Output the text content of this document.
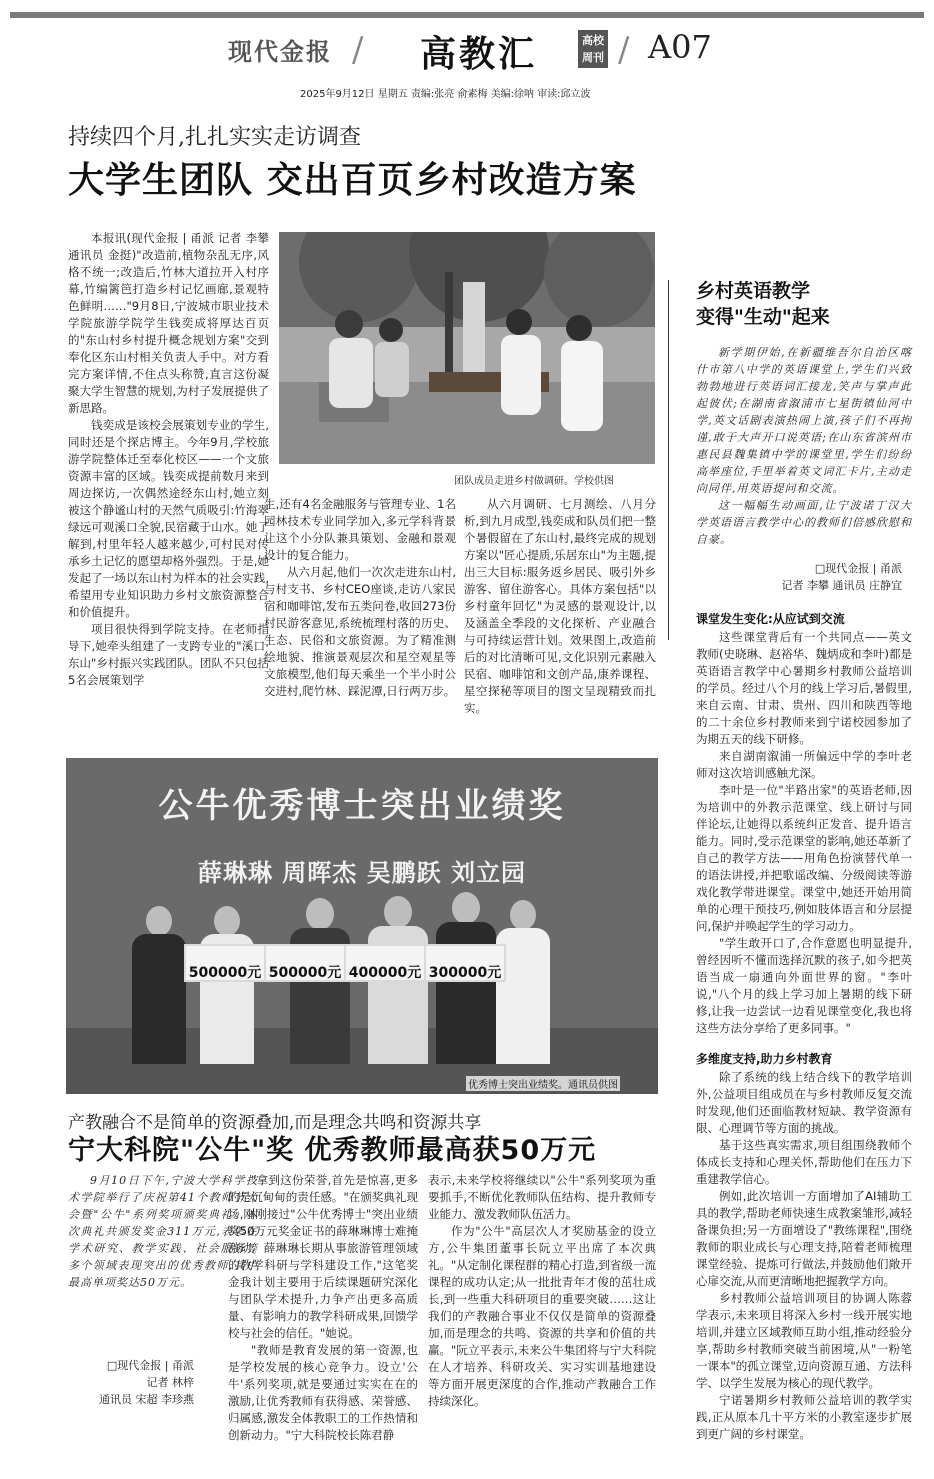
现代金报 / 高教汇	高校
周刊 / A07
2025年9月12日 星期五 责编:张亮 俞素梅 美编:徐呐 审读:邱立波
持续四个月,扎扎实实走访调查
大学生团队 交出百页乡村改造方案
团队成员走进乡村做调研。学校供图

本报讯(现代金报 | 甬派 记者 李攀 通讯员 金挺)"改造前,植物杂乱无序,风格不统一;改造后,竹林大道拉开入村序幕,竹编篱笆打造乡村记忆画廊,景观特色鲜明……"9月8日,宁波城市职业技术学院旅游学院学生钱奕成将厚达百页的"东山村乡村提升概念规划方案"交到奉化区东山村相关负责人手中。对方看完方案详情,不住点头称赞,直言这份凝聚大学生智慧的规划,为村子发展提供了新思路。

钱奕成是该校会展策划专业的学生,同时还是个探店博主。今年9月,学校旅游学院整体迁至奉化校区——一个文旅资源丰富的区域。钱奕成提前数月来到周边探访,一次偶然途经东山村,她立刻被这个静谧山村的天然气质吸引:竹海翠绿远可观溪口全貌,民宿藏于山水。她了解到,村里年轻人越来越少,可村民对传承乡土记忆的愿望却格外强烈。于是,她发起了一场以东山村为样本的社会实践,希望用专业知识助力乡村文旅资源整合和价值提升。

项目很快得到学院支持。在老师指导下,她牵头组建了一支跨专业的"溪口·东山"乡村振兴实践团队。团队不只包括5名会展策划学

生,还有4名金融服务与管理专业、1名园林技术专业同学加入,多元学科背景让这个小分队兼具策划、金融和景观设计的复合能力。

从六月起,他们一次次走进东山村,与村支书、乡村CEO座谈,走访八家民宿和咖啡馆,发布五类问卷,收回273份村民游客意见,系统梳理村落的历史、生态、民俗和文旅资源。为了精准测绘地貌、推演景观层次和星空观星等文旅模型,他们每天乘坐一个半小时公交进村,爬竹林、踩泥潭,日行两万步。

从六月调研、七月测绘、八月分析,到九月成型,钱奕成和队员们把一整个暑假留在了东山村,最终完成的规划方案以"匠心提质,乐居东山"为主题,提出三大目标:服务返乡居民、吸引外乡游客、留住游客心。具体方案包括"以乡村童年回忆"为灵感的景观设计,以及涵盖全季段的文化探析、产业融合与可持续运营计划。效果图上,改造前后的对比清晰可见,文化识别元素融入民宿、咖啡馆和文创产品,康养课程、星空探秘等项目的图文呈现精致而扎实。

乡村英语教学
变得"生动"起来

新学期伊始,在新疆维吾尔自治区喀什市第八中学的英语课堂上,学生们兴致勃勃地进行英语词汇接龙,笑声与掌声此起彼伏;在湖南省溆浦市七星街镇仙河中学,英文话剧表演热闹上演,孩子们不再拘谨,敢于大声开口说英语;在山东省滨州市惠民县魏集镇中学的课堂里,学生们纷纷高举座位,手里举着英文词汇卡片,主动走向同伴,用英语提问和交流。

这一幅幅生动画面,让宁波诺丁汉大学英语语言教学中心的教师们倍感欣慰和自豪。

□现代金报 | 甬派
记者 李攀 通讯员 庄静宜
课堂发生变化:从应试到交流

这些课堂背后有一个共同点——英文教师(史晓琳、赵裕华、魏炳成和李叶)都是英语语言教学中心暑期乡村教师公益培训的学员。经过八个月的线上学习后,暑假里,来自云南、甘肃、贵州、四川和陕西等地的二十余位乡村教师来到宁诺校园参加了为期五天的线下研修。

来自湖南溆浦一所偏远中学的李叶老师对这次培训感触尤深。

李叶是一位"半路出家"的英语老师,因为培训中的外教示范课堂、线上研讨与同伴论坛,让她得以系统纠正发音、提升语言能力。同时,受示范课堂的影响,她还革新了自己的教学方法——用角色扮演替代单一的语法讲授,并把歌谣改编、分级阅读等游戏化教学带进课堂。课堂中,她还开始用简单的心理干预技巧,例如肢体语言和分层提问,保护并唤起学生的学习动力。

"学生敢开口了,合作意愿也明显提升,曾经因听不懂而选择沉默的孩子,如今把英语当成一扇通向外面世界的窗。"李叶说,"八个月的线上学习加上暑期的线下研修,让我一边尝试一边看见课堂变化,我也将这些方法分享给了更多同事。"

多维度支持,助力乡村教育

除了系统的线上结合线下的教学培训外,公益项目组成员在与乡村教师反复交流时发现,他们还面临教材短缺、教学资源有限、心理调节等方面的挑战。

基于这些真实需求,项目组围绕教师个体成长支持和心理关怀,帮助他们在压力下重建教学信心。

例如,此次培训一方面增加了AI辅助工具的教学,帮助老师快速生成教案雏形,减轻备课负担;另一方面增设了"教练课程",围绕教师的职业成长与心理支持,陪着老师梳理课堂经验、提炼可行做法,并鼓励他们敞开心扉交流,从而更清晰地把握教学方向。

乡村教师公益培训项目的协调人陈蓉学表示,未来项目将深入乡村一线开展实地培训,并建立区域教师互助小组,推动经验分享,帮助乡村教师突破当前困境,从"一粉笔一课本"的孤立课堂,迈向资源互通、方法科学、以学生发展为核心的现代教学。

宁诺暑期乡村教师公益培训的教学实践,正从原本几十平方米的小教室逐步扩展到更广阔的乡村课堂。

公牛优秀博士突出业绩奖
薛琳琳 周晖杰 吴鹏跃 刘立园
500000元 500000元 400000元 300000元
优秀博士突出业绩奖。通讯员供图
产教融合不是简单的资源叠加,而是理念共鸣和资源共享
宁大科院"公牛"奖 优秀教师最高获50万元

9月10日下午,宁波大学科学技术学院举行了庆祝第41个教师节大会暨"公牛"系列奖项颁奖典礼。本次典礼共颁发奖金311万元,表彰在学术研究、教学实践、社会服务等多个领域表现突出的优秀教师,其中最高单项奖达50万元。

□现代金报 | 甬派
记者 林梓
通讯员 宋超 李珍燕

"拿到这份荣誉,首先是惊喜,更多的是沉甸甸的责任感。"在颁奖典礼现场,刚刚接过"公牛优秀博士"突出业绩奖50万元奖金证书的薛琳琳博士难掩激动。薛琳琳长期从事旅游管理领域的教学科研与学科建设工作,"这笔奖金我计划主要用于后续课题研究深化与团队学术提升,力争产出更多高质量、有影响力的教学科研成果,回馈学校与社会的信任。"她说。

"教师是教育发展的第一资源,也是学校发展的核心竞争力。设立'公牛'系列奖项,就是要通过实实在在的激励,让优秀教师有获得感、荣誉感、归属感,激发全体教职工的工作热情和创新动力。"宁大科院校长陈君静

表示,未来学校将继续以"公牛"系列奖项为重要抓手,不断优化教师队伍结构、提升教师专业能力、激发教师队伍活力。

作为"公牛"高层次人才奖励基金的设立方,公牛集团董事长阮立平出席了本次典礼。"从定制化课程群的精心打造,到省级一流课程的成功认定;从一批批青年才俊的茁壮成长,到一些重大科研项目的重要突破……这让我们的产教融合事业不仅仅是简单的资源叠加,而是理念的共鸣、资源的共享和价值的共赢。"阮立平表示,未来公牛集团将与宁大科院在人才培养、科研攻关、实习实训基地建设等方面开展更深度的合作,推动产教融合工作持续深化。
